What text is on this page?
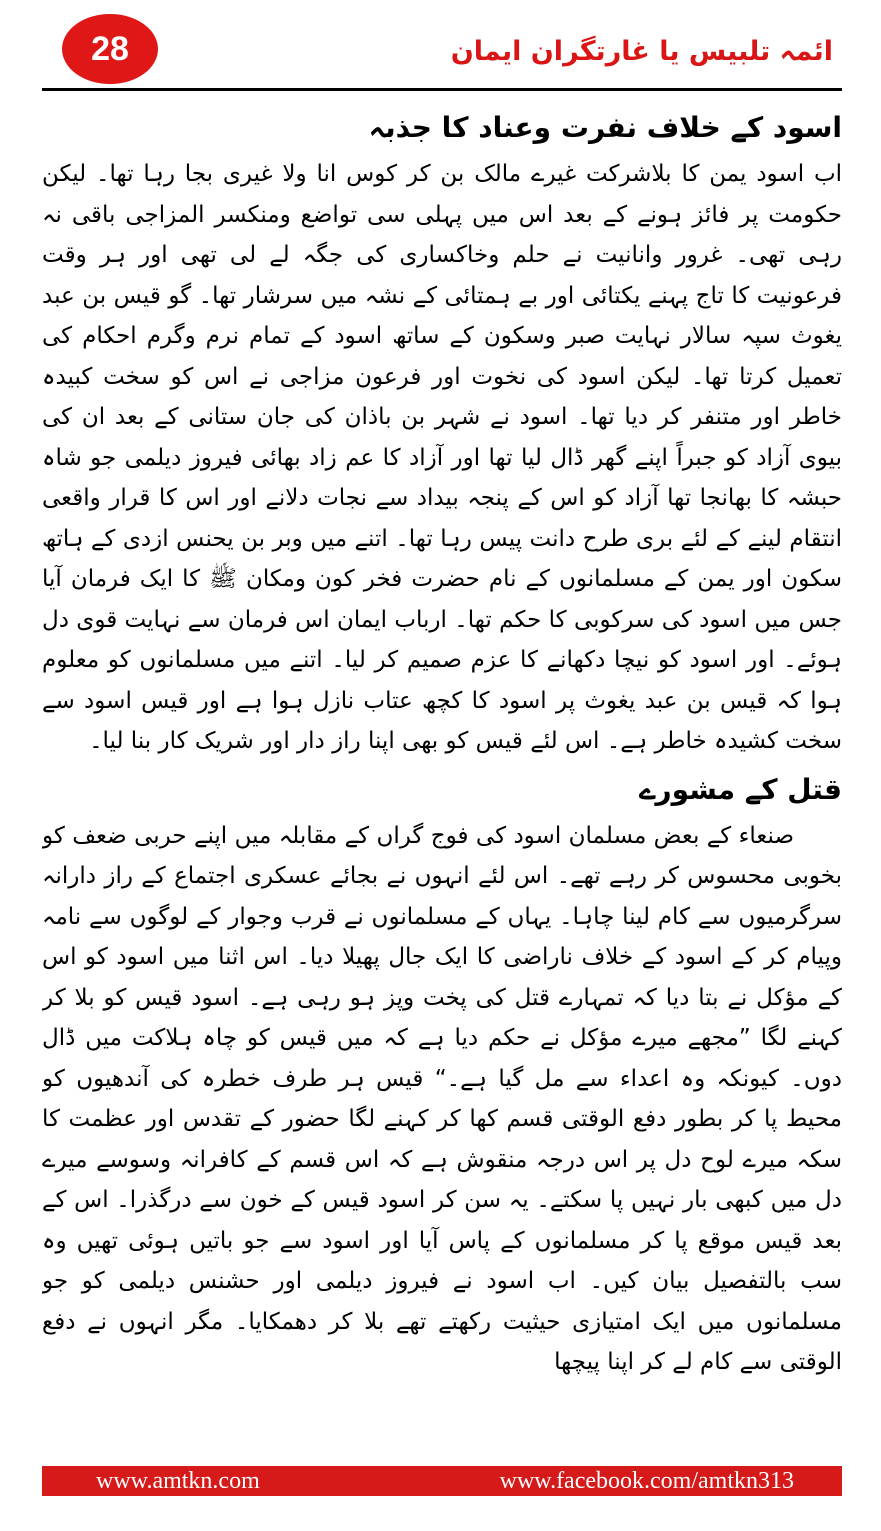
28	ائمہ تلبیس یا غارتگران ایمان
اسود کے خلاف نفرت وعناد کا جذبہ

اب اسود یمن کا بلاشرکت غیرے مالک بن کر کوس انا ولا غیری بجا رہا تھا۔ لیکن حکومت پر فائز ہونے کے بعد اس میں پہلی سی تواضع ومنکسر المزاجی باقی نہ رہی تھی۔ غرور وانانیت نے حلم وخاکساری کی جگہ لے لی تھی اور ہر وقت فرعونیت کا تاج پہنے یکتائی اور بے ہمتائی کے نشہ میں سرشار تھا۔ گو قیس بن عبد یغوث سپہ سالار نہایت صبر وسکون کے ساتھ اسود کے تمام نرم وگرم احکام کی تعمیل کرتا تھا۔ لیکن اسود کی نخوت اور فرعون مزاجی نے اس کو سخت کبیدہ خاطر اور متنفر کر دیا تھا۔ اسود نے شہر بن باذان کی جان ستانی کے بعد ان کی بیوی آزاد کو جبراً اپنے گھر ڈال لیا تھا اور آزاد کا عم زاد بھائی فیروز دیلمی جو شاہ حبشہ کا بھانجا تھا آزاد کو اس کے پنجہ بیداد سے نجات دلانے اور اس کا قرار واقعی انتقام لینے کے لئے بری طرح دانت پیس رہا تھا۔ اتنے میں وبر بن یحنس ازدی کے ہاتھ سکون اور یمن کے مسلمانوں کے نام حضرت فخر کون ومکان ﷺ کا ایک فرمان آیا جس میں اسود کی سرکوبی کا حکم تھا۔ ارباب ایمان اس فرمان سے نہایت قوی دل ہوئے۔ اور اسود کو نیچا دکھانے کا عزم صمیم کر لیا۔ اتنے میں مسلمانوں کو معلوم ہوا کہ قیس بن عبد یغوث پر اسود کا کچھ عتاب نازل ہوا ہے اور قیس اسود سے سخت کشیدہ خاطر ہے۔ اس لئے قیس کو بھی اپنا راز دار اور شریک کار بنا لیا۔

قتل کے مشورے

صنعاء کے بعض مسلمان اسود کی فوج گراں کے مقابلہ میں اپنے حربی ضعف کو بخوبی محسوس کر رہے تھے۔ اس لئے انہوں نے بجائے عسکری اجتماع کے راز دارانہ سرگرمیوں سے کام لینا چاہا۔ یہاں کے مسلمانوں نے قرب وجوار کے لوگوں سے نامہ وپیام کر کے اسود کے خلاف ناراضی کا ایک جال پھیلا دیا۔ اس اثنا میں اسود کو اس کے مؤکل نے بتا دیا کہ تمہارے قتل کی پخت وپز ہو رہی ہے۔ اسود قیس کو بلا کر کہنے لگا ”مجھے میرے مؤکل نے حکم دیا ہے کہ میں قیس کو چاہ ہلاکت میں ڈال دوں۔ کیونکہ وہ اعداء سے مل گیا ہے۔“ قیس ہر طرف خطرہ کی آندھیوں کو محیط پا کر بطور دفع الوقتی قسم کھا کر کہنے لگا حضور کے تقدس اور عظمت کا سکہ میرے لوح دل پر اس درجہ منقوش ہے کہ اس قسم کے کافرانہ وسوسے میرے دل میں کبھی بار نہیں پا سکتے۔ یہ سن کر اسود قیس کے خون سے درگذرا۔ اس کے بعد قیس موقع پا کر مسلمانوں کے پاس آیا اور اسود سے جو باتیں ہوئی تھیں وہ سب بالتفصیل بیان کیں۔ اب اسود نے فیروز دیلمی اور حشنس دیلمی کو جو مسلمانوں میں ایک امتیازی حیثیت رکھتے تھے بلا کر دھمکایا۔ مگر انہوں نے دفع الوقتی سے کام لے کر اپنا پیچھا

www.amtkn.com	www.facebook.com/amtkn313
